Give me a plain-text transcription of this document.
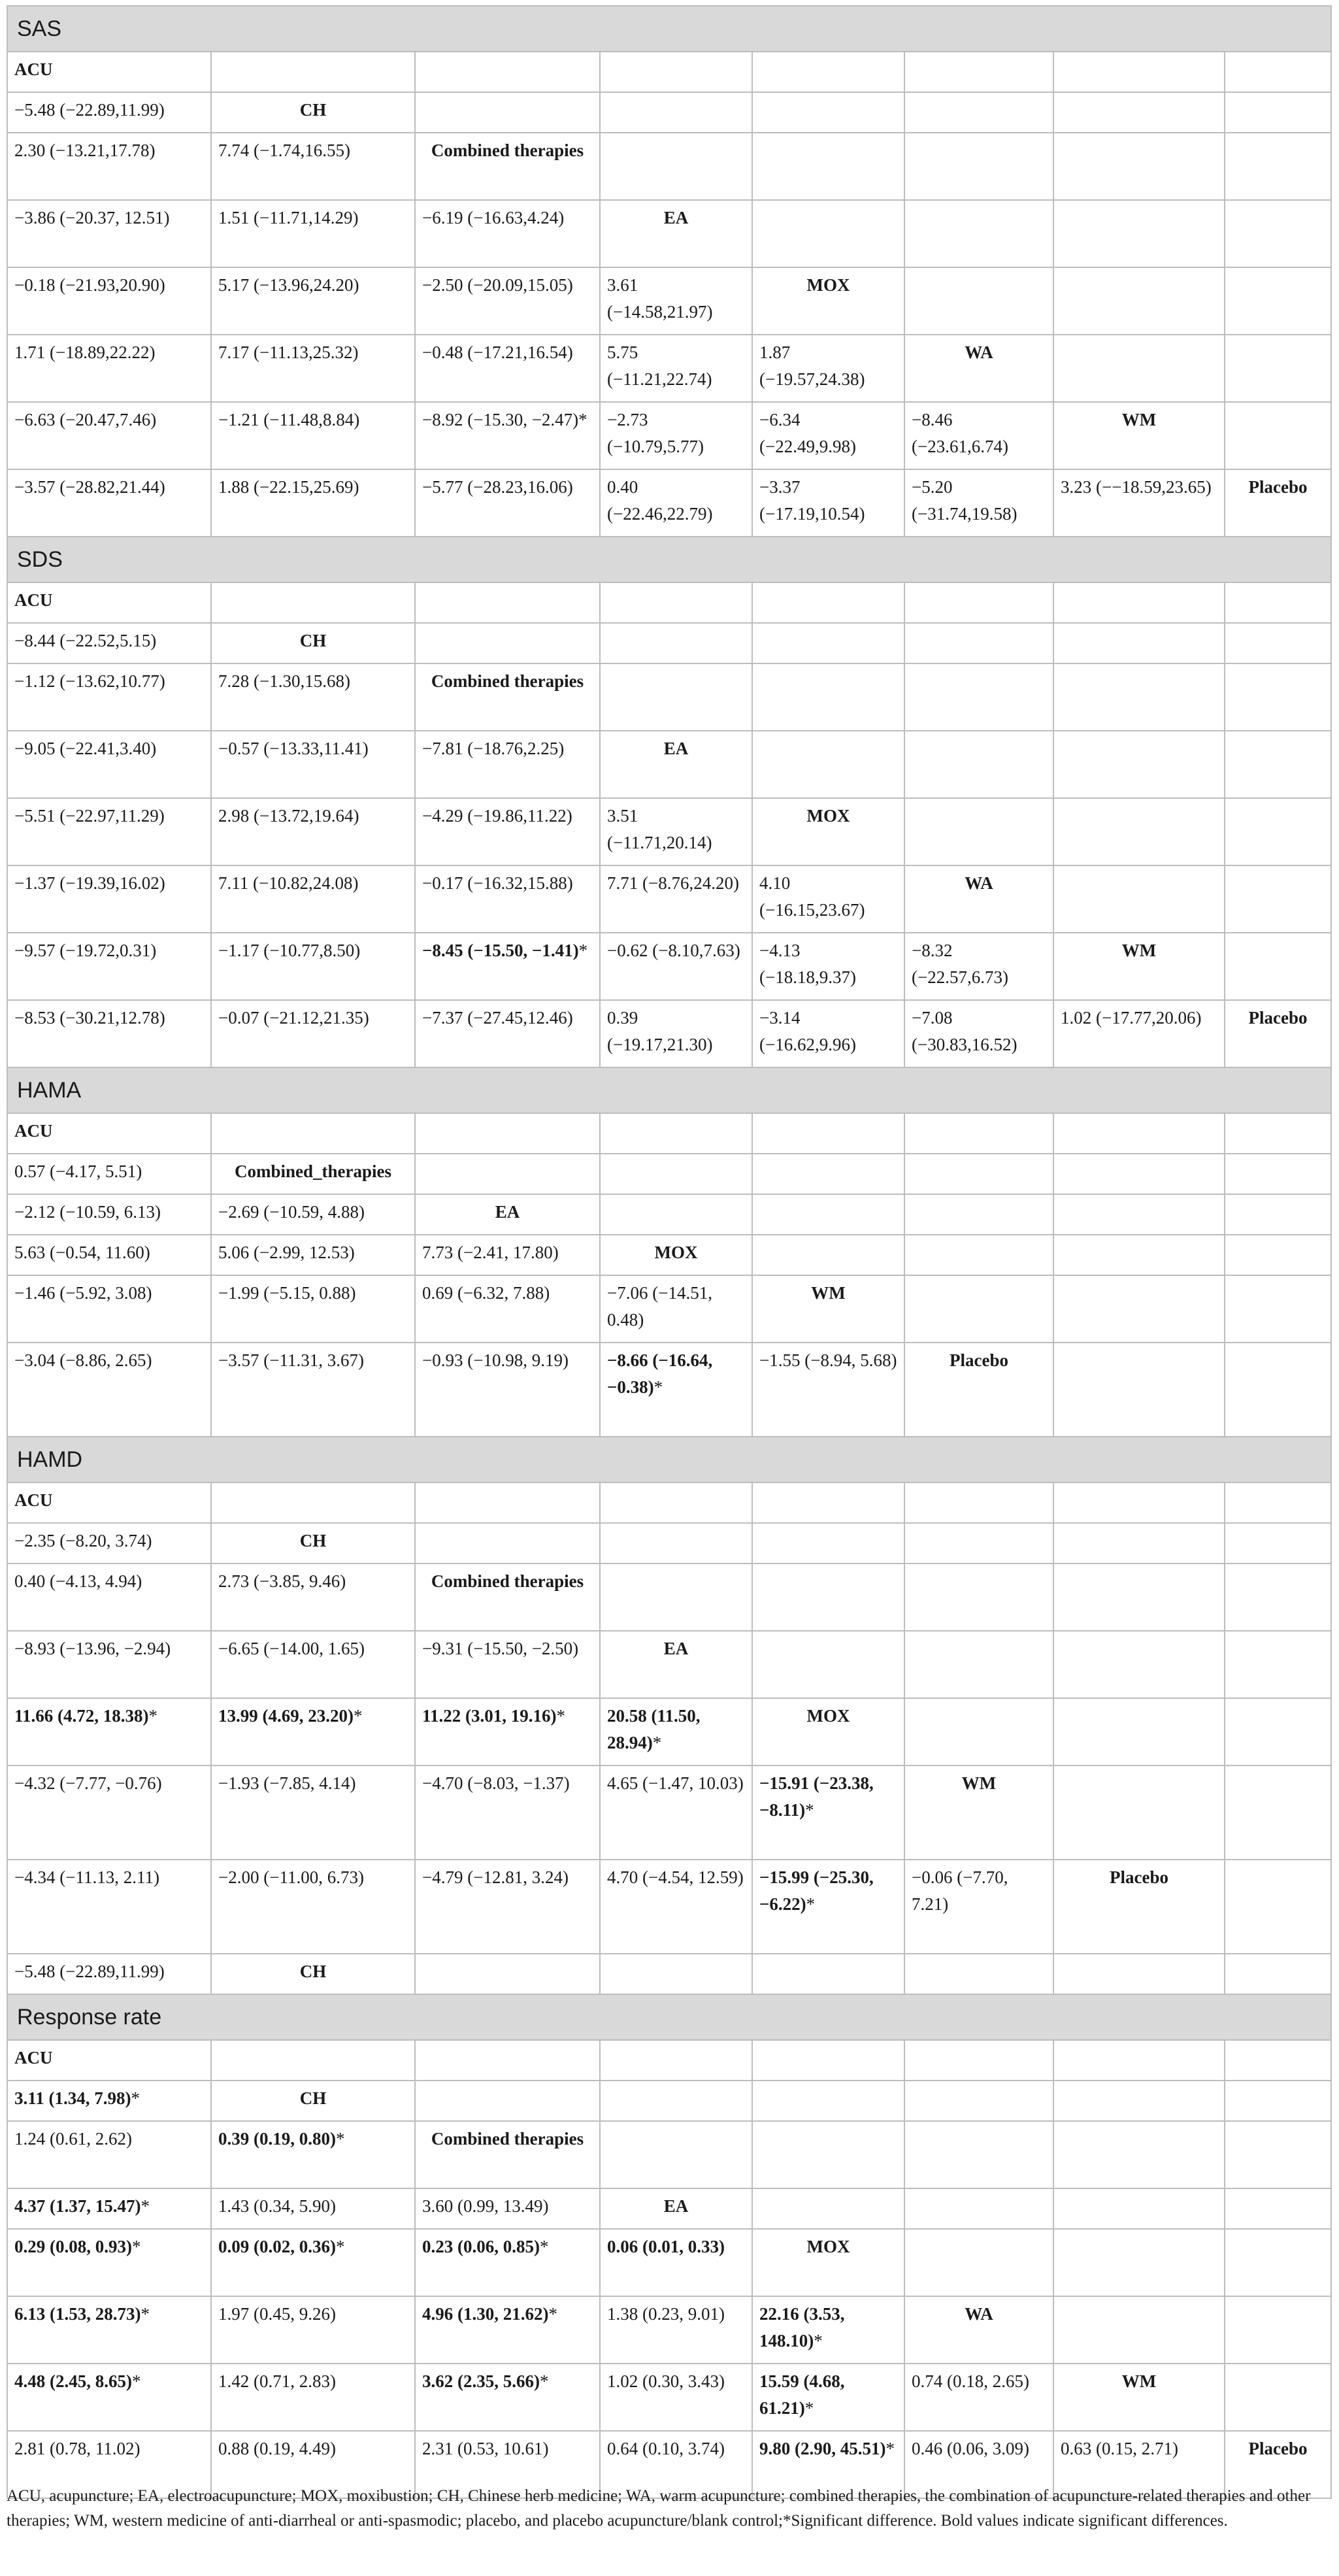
SAS							
ACU							
−5.48 (−22.89,11.99)	CH						
2.30 (−13.21,17.78)	7.74 (−1.74,16.55)	Combined therapies					
−3.86 (−20.37, 12.51)	1.51 (−11.71,14.29)	−6.19 (−16.63,4.24)	EA				
−0.18 (−21.93,20.90)	5.17 (−13.96,24.20)	−2.50 (−20.09,15.05)	3.61 (−14.58,21.97)	MOX			
1.71 (−18.89,22.22)	7.17 (−11.13,25.32)	−0.48 (−17.21,16.54)	5.75 (−11.21,22.74)	1.87 (−19.57,24.38)	WA		
−6.63 (−20.47,7.46)	−1.21 (−11.48,8.84)	−8.92 (−15.30, −2.47)*	−2.73 (−10.79,5.77)	−6.34 (−22.49,9.98)	−8.46 (−23.61,6.74)	WM	
−3.57 (−28.82,21.44)	1.88 (−22.15,25.69)	−5.77 (−28.23,16.06)	0.40 (−22.46,22.79)	−3.37 (−17.19,10.54)	−5.20 (−31.74,19.58)	3.23 (−−18.59,23.65)	Placebo
SDS							
ACU							
−8.44 (−22.52,5.15)	CH						
−1.12 (−13.62,10.77)	7.28 (−1.30,15.68)	Combined therapies					
−9.05 (−22.41,3.40)	−0.57 (−13.33,11.41)	−7.81 (−18.76,2.25)	EA				
−5.51 (−22.97,11.29)	2.98 (−13.72,19.64)	−4.29 (−19.86,11.22)	3.51 (−11.71,20.14)	MOX			
−1.37 (−19.39,16.02)	7.11 (−10.82,24.08)	−0.17 (−16.32,15.88)	7.71 (−8.76,24.20)	4.10 (−16.15,23.67)	WA		
−9.57 (−19.72,0.31)	−1.17 (−10.77,8.50)	−8.45 (−15.50, −1.41)*	−0.62 (−8.10,7.63)	−4.13 (−18.18,9.37)	−8.32 (−22.57,6.73)	WM	
−8.53 (−30.21,12.78)	−0.07 (−21.12,21.35)	−7.37 (−27.45,12.46)	0.39 (−19.17,21.30)	−3.14 (−16.62,9.96)	−7.08 (−30.83,16.52)	1.02 (−17.77,20.06)	Placebo
HAMA							
ACU							
0.57 (−4.17, 5.51)	Combined_therapies						
−2.12 (−10.59, 6.13)	−2.69 (−10.59, 4.88)	EA					
5.63 (−0.54, 11.60)	5.06 (−2.99, 12.53)	7.73 (−2.41, 17.80)	MOX				
−1.46 (−5.92, 3.08)	−1.99 (−5.15, 0.88)	0.69 (−6.32, 7.88)	−7.06 (−14.51, 0.48)	WM			
−3.04 (−8.86, 2.65)	−3.57 (−11.31, 3.67)	−0.93 (−10.98, 9.19)	−8.66 (−16.64, −0.38)*	−1.55 (−8.94, 5.68)	Placebo		
HAMD							
ACU							
−2.35 (−8.20, 3.74)	CH						
0.40 (−4.13, 4.94)	2.73 (−3.85, 9.46)	Combined therapies					
−8.93 (−13.96, −2.94)	−6.65 (−14.00, 1.65)	−9.31 (−15.50, −2.50)	EA				
11.66 (4.72, 18.38)*	13.99 (4.69, 23.20)*	11.22 (3.01, 19.16)*	20.58 (11.50, 28.94)*	MOX			
−4.32 (−7.77, −0.76)	−1.93 (−7.85, 4.14)	−4.70 (−8.03, −1.37)	4.65 (−1.47, 10.03)	−15.91 (−23.38, −8.11)*	WM		
−4.34 (−11.13, 2.11)	−2.00 (−11.00, 6.73)	−4.79 (−12.81, 3.24)	4.70 (−4.54, 12.59)	−15.99 (−25.30, −6.22)*	−0.06 (−7.70, 7.21)	Placebo	
−5.48 (−22.89,11.99)	CH						
Response rate							
ACU							
3.11 (1.34, 7.98)*	CH						
1.24 (0.61, 2.62)	0.39 (0.19, 0.80)*	Combined therapies					
4.37 (1.37, 15.47)*	1.43 (0.34, 5.90)	3.60 (0.99, 13.49)	EA				
0.29 (0.08, 0.93)*	0.09 (0.02, 0.36)*	0.23 (0.06, 0.85)*	0.06 (0.01, 0.33)	MOX			
6.13 (1.53, 28.73)*	1.97 (0.45, 9.26)	4.96 (1.30, 21.62)*	1.38 (0.23, 9.01)	22.16 (3.53, 148.10)*	WA		
4.48 (2.45, 8.65)*	1.42 (0.71, 2.83)	3.62 (2.35, 5.66)*	1.02 (0.30, 3.43)	15.59 (4.68, 61.21)*	0.74 (0.18, 2.65)	WM	
2.81 (0.78, 11.02)	0.88 (0.19, 4.49)	2.31 (0.53, 10.61)	0.64 (0.10, 3.74)	9.80 (2.90, 45.51)*	0.46 (0.06, 3.09)	0.63 (0.15, 2.71)	Placebo
ACU, acupuncture; EA, electroacupuncture; MOX, moxibustion; CH, Chinese herb medicine; WA, warm acupuncture; combined therapies, the combination of acupuncture-related therapies and other therapies; WM, western medicine of anti-diarrheal or anti-spasmodic; placebo, and placebo acupuncture/blank control;*Significant difference. Bold values indicate significant differences.
